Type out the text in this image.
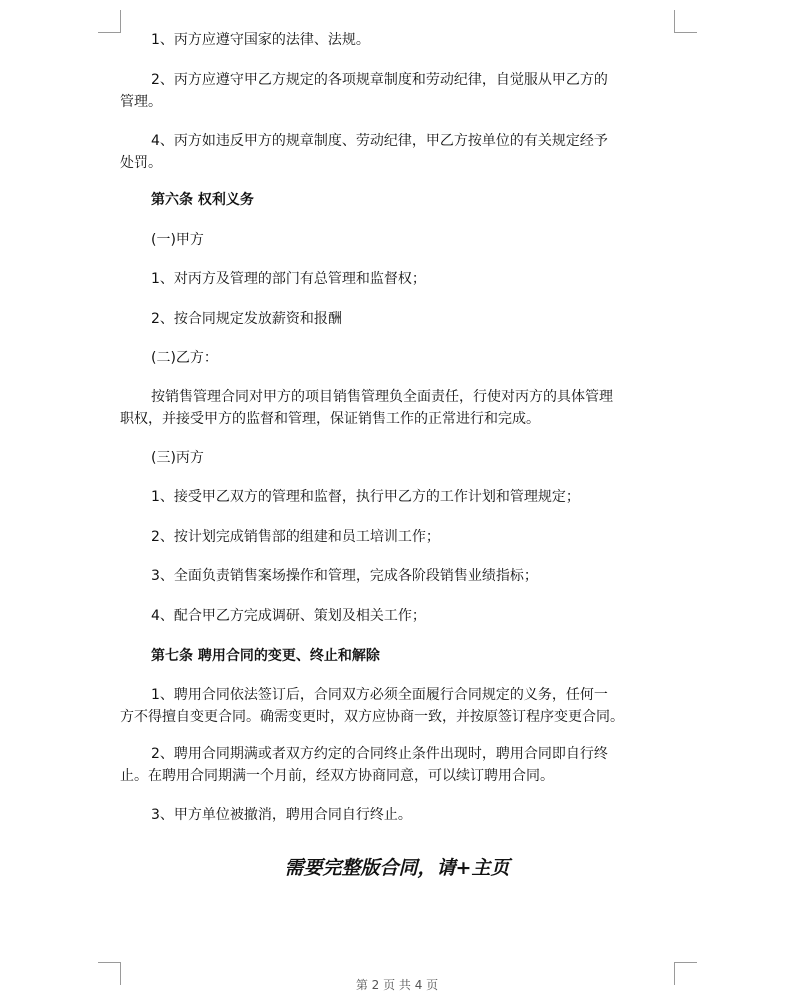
1、丙方应遵守国家的法律、法规。
2、丙方应遵守甲乙方规定的各项规章制度和劳动纪律，自觉服从甲乙方的
管理。
4、丙方如违反甲方的规章制度、劳动纪律，甲乙方按单位的有关规定经予
处罚。
第六条 权利义务
(一)甲方
1、对丙方及管理的部门有总管理和监督权；
2、按合同规定发放薪资和报酬
(二)乙方：
按销售管理合同对甲方的项目销售管理负全面责任，行使对丙方的具体管理
职权，并接受甲方的监督和管理，保证销售工作的正常进行和完成。
(三)丙方
1、接受甲乙双方的管理和监督，执行甲乙方的工作计划和管理规定；
2、按计划完成销售部的组建和员工培训工作；
3、全面负责销售案场操作和管理，完成各阶段销售业绩指标；
4、配合甲乙方完成调研、策划及相关工作；
第七条 聘用合同的变更、终止和解除
1、聘用合同依法签订后，合同双方必须全面履行合同规定的义务，任何一
方不得擅自变更合同。确需变更时，双方应协商一致，并按原签订程序变更合同。
2、聘用合同期满或者双方约定的合同终止条件出现时，聘用合同即自行终
止。在聘用合同期满一个月前，经双方协商同意，可以续订聘用合同。
3、甲方单位被撤消，聘用合同自行终止。
需要完整版合同，请+主页
第 2 页 共 4 页
